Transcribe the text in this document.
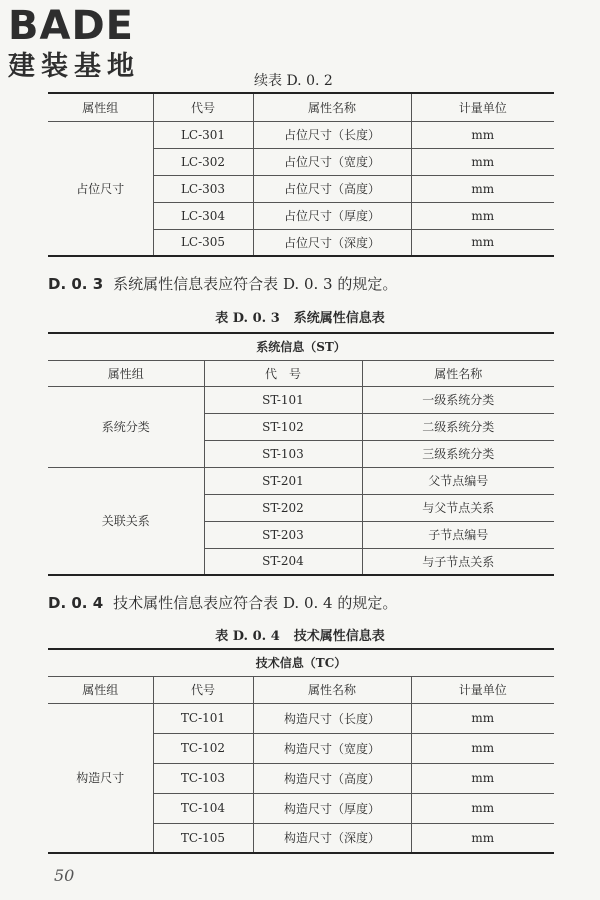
BADE
建装基地	续表 D. 0. 2
属性组	代号	属性名称	计量单位
占位尺寸	LC-301	占位尺寸（长度）	mm
	LC-302	占位尺寸（宽度）	mm
	LC-303	占位尺寸（高度）	mm
	LC-304	占位尺寸（厚度）	mm
	LC-305	占位尺寸（深度）	mm
D. 0. 3 系统属性信息表应符合表 D. 0. 3 的规定。
表 D. 0. 3 系统属性信息表
系统信息（ST）		
属性组	代　号	属性名称
系统分类	ST-101	一级系统分类
	ST-102	二级系统分类
	ST-103	三级系统分类
关联关系	ST-201	父节点编号
	ST-202	与父节点关系
	ST-203	子节点编号
	ST-204	与子节点关系
D. 0. 4 技术属性信息表应符合表 D. 0. 4 的规定。
表 D. 0. 4 技术属性信息表
技术信息（TC）			
属性组	代号	属性名称	计量单位
构造尺寸	TC-101	构造尺寸（长度）	mm
	TC-102	构造尺寸（宽度）	mm
	TC-103	构造尺寸（高度）	mm
	TC-104	构造尺寸（厚度）	mm
	TC-105	构造尺寸（深度）	mm
50
